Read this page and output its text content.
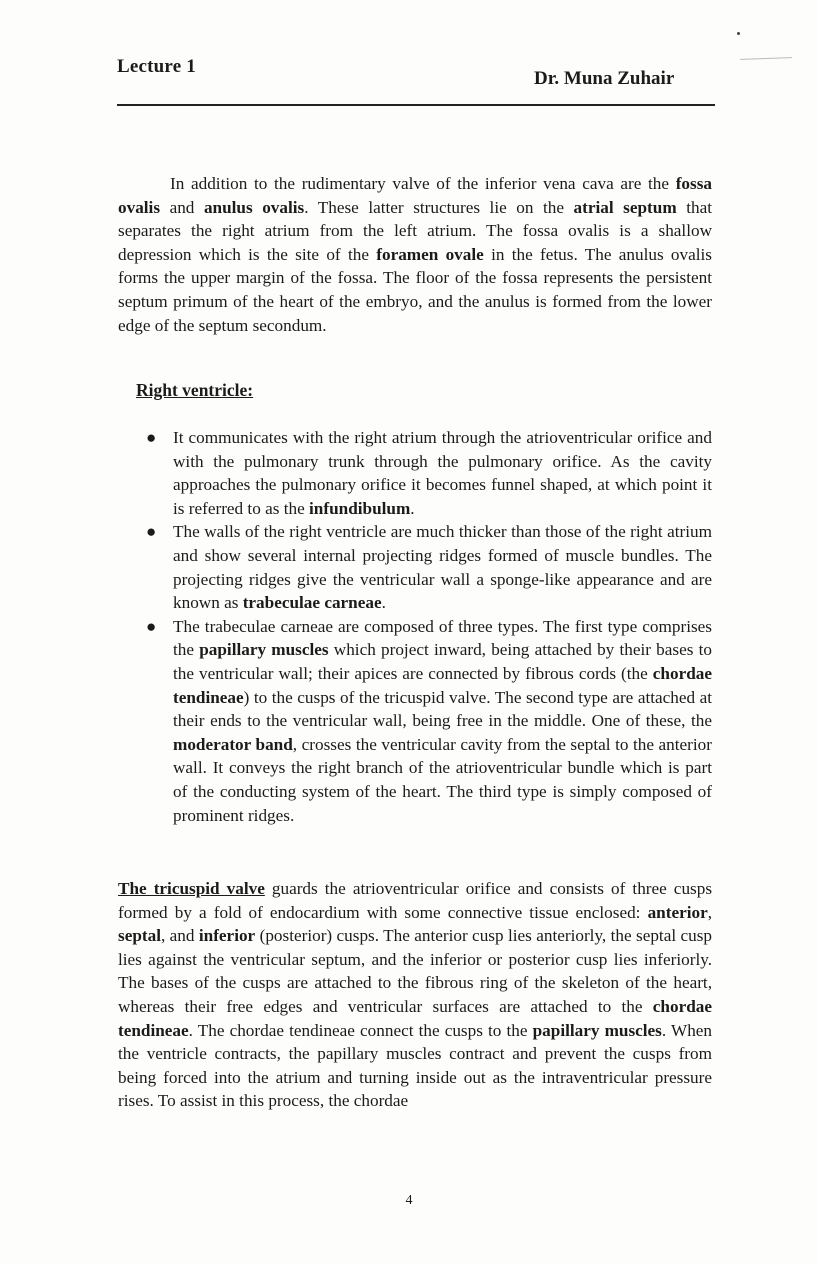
Lecture 1
Dr. Muna Zuhair

In addition to the rudimentary valve of the inferior vena cava are the fossa ovalis and anulus ovalis. These latter structures lie on the atrial septum that separates the right atrium from the left atrium. The fossa ovalis is a shallow depression which is the site of the foramen ovale in the fetus. The anulus ovalis forms the upper margin of the fossa. The floor of the fossa represents the persistent septum primum of the heart of the embryo, and the anulus is formed from the lower edge of the septum secondum.

Right ventricle:
● It communicates with the right atrium through the atrioventricular orifice and with the pulmonary trunk through the pulmonary orifice. As the cavity approaches the pulmonary orifice it becomes funnel shaped, at which point it is referred to as the infundibulum.
● The walls of the right ventricle are much thicker than those of the right atrium and show several internal projecting ridges formed of muscle bundles. The projecting ridges give the ventricular wall a sponge-like appearance and are known as trabeculae carneae.
● The trabeculae carneae are composed of three types. The first type comprises the papillary muscles which project inward, being attached by their bases to the ventricular wall; their apices are connected by fibrous cords (the chordae tendineae) to the cusps of the tricuspid valve. The second type are attached at their ends to the ventricular wall, being free in the middle. One of these, the moderator band, crosses the ventricular cavity from the septal to the anterior wall. It conveys the right branch of the atrioventricular bundle which is part of the conducting system of the heart. The third type is simply composed of prominent ridges.

The tricuspid valve guards the atrioventricular orifice and consists of three cusps formed by a fold of endocardium with some connective tissue enclosed: anterior, septal, and inferior (posterior) cusps. The anterior cusp lies anteriorly, the septal cusp lies against the ventricular septum, and the inferior or posterior cusp lies inferiorly. The bases of the cusps are attached to the fibrous ring of the skeleton of the heart, whereas their free edges and ventricular surfaces are attached to the chordae tendineae. The chordae tendineae connect the cusps to the papillary muscles. When the ventricle contracts, the papillary muscles contract and prevent the cusps from being forced into the atrium and turning inside out as the intraventricular pressure rises. To assist in this process, the chordae

4
